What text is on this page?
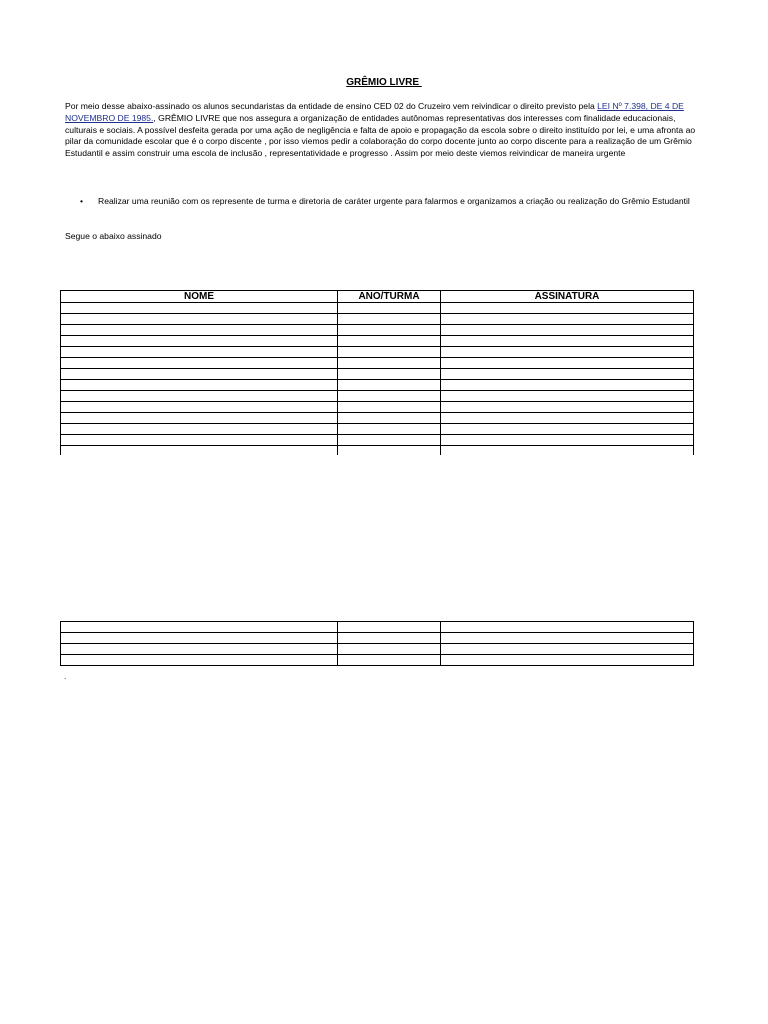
GRÊMIO LIVRE

Por meio desse abaixo-assinado os alunos secundaristas da entidade de ensino CED 02 do Cruzeiro vem reivindicar o direito previsto pela LEI Nº 7.398, DE 4 DE NOVEMBRO DE 1985., GRÊMIO LIVRE que nos assegura a organização de entidades autônomas representativas dos interesses com finalidade educacionais, culturais e sociais. A possível desfeita gerada por uma ação de negligência e falta de apoio e propagação da escola sobre o direito instituído por lei, e uma afronta ao pilar da comunidade escolar que é o corpo discente , por isso viemos pedir a colaboração do corpo docente junto ao corpo discente para a realização de um Grêmio Estudantil e assim construir uma escola de inclusão , representatividade e progresso . Assim por meio deste viemos reivindicar de maneira urgente

• Realizar uma reunião com os represente de turma e diretoria de caráter urgente para falarmos e organizamos a criação ou realização do Grêmio Estudantil

Segue o abaixo assinado

NOME	ANO/TURMA	ASSINATURA

.
